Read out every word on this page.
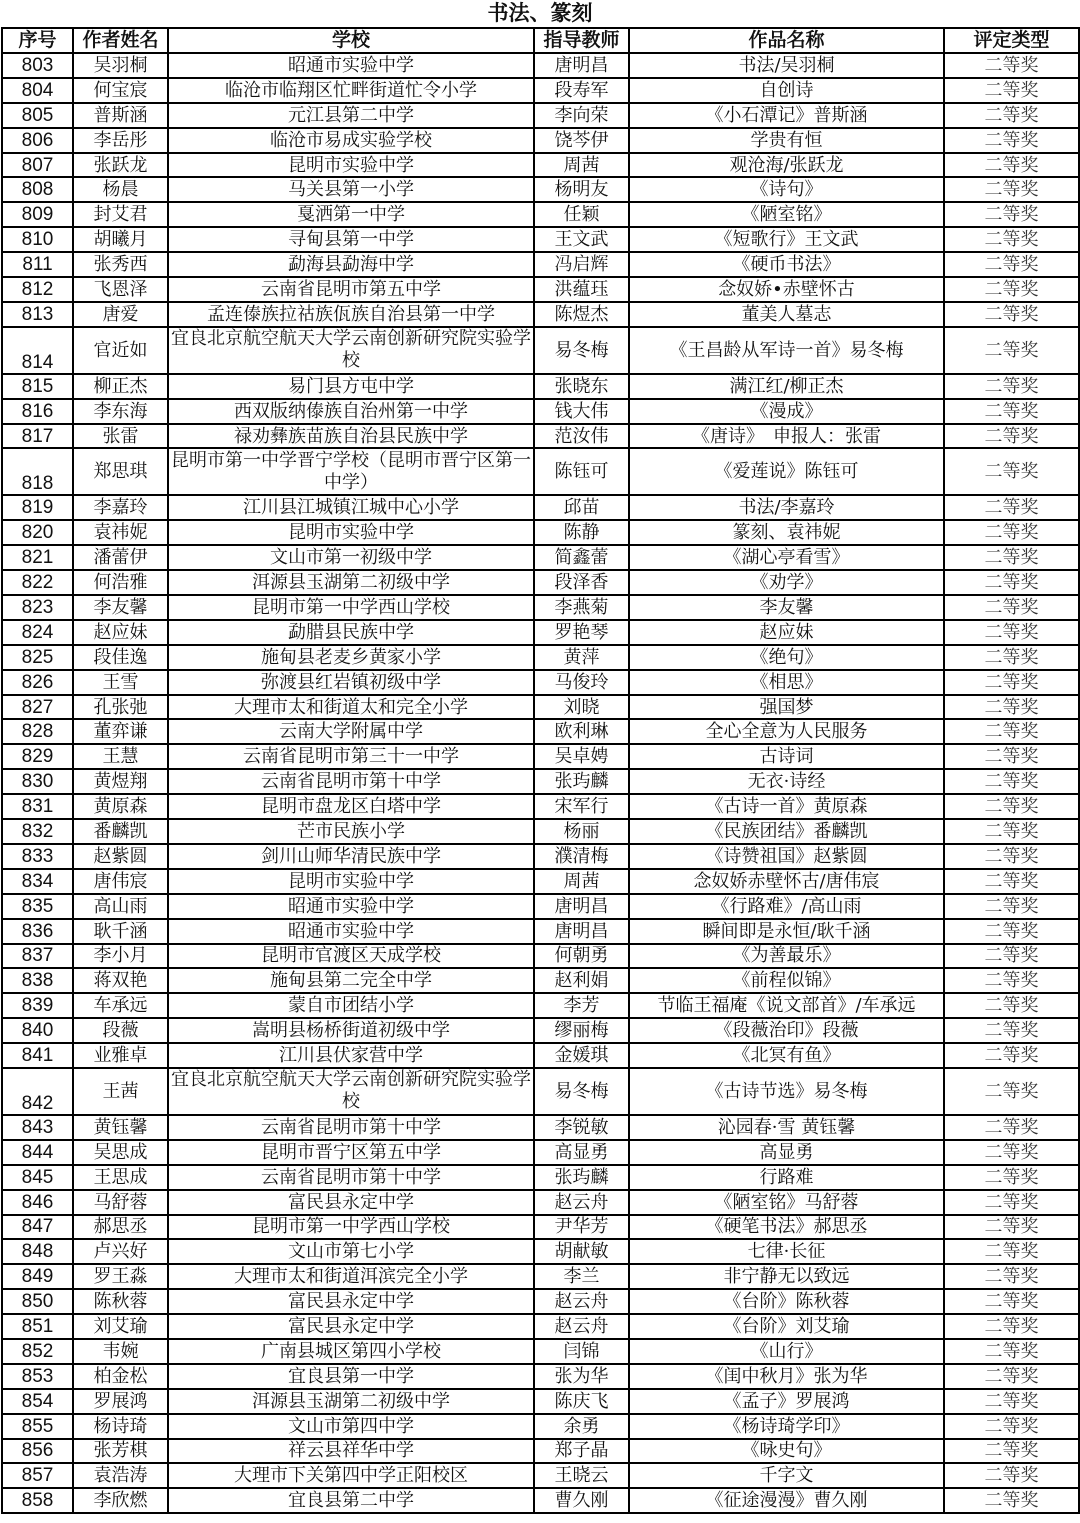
书法、篆刻
序号	作者姓名	学校	指导教师	作品名称	评定类型
803	吴羽桐	昭通市实验中学	唐明昌	书法/吴羽桐	二等奖
804	何宝宸	临沧市临翔区忙畔街道忙令小学	段寿军	自创诗	二等奖
805	普斯涵	元江县第二中学	李向荣	《小石潭记》普斯涵	二等奖
806	李岳彤	临沧市易成实验学校	饶芩伊	学贵有恒	二等奖
807	张跃龙	昆明市实验中学	周茜	观沧海/张跃龙	二等奖
808	杨晨	马关县第一小学	杨明友	《诗句》	二等奖
809	封艾君	戛洒第一中学	任颖	《陋室铭》	二等奖
810	胡曦月	寻甸县第一中学	王文武	《短歌行》王文武	二等奖
811	张秀西	勐海县勐海中学	冯启辉	《硬币书法》	二等奖
812	飞恩泽	云南省昆明市第五中学	洪蕴珏	念奴娇•赤壁怀古	二等奖
813	唐爱	孟连傣族拉祜族佤族自治县第一中学	陈煜杰	董美人墓志	二等奖
814	官近如	宜良北京航空航天大学云南创新研究院实验学校	易冬梅	《王昌龄从军诗一首》易冬梅	二等奖
815	柳正杰	易门县方屯中学	张晓东	满江红/柳正杰	二等奖
816	李东海	西双版纳傣族自治州第一中学	钱大伟	《漫成》	二等奖
817	张雷	禄劝彝族苗族自治县民族中学	范汝伟	《唐诗》　申报人：张雷	二等奖
818	郑思琪	昆明市第一中学晋宁学校（昆明市晋宁区第一中学）	陈钰可	《爱莲说》陈钰可	二等奖
819	李嘉玲	江川县江城镇江城中心小学	邱苗	书法/李嘉玲	二等奖
820	袁祎妮	昆明市实验中学	陈静	篆刻、袁祎妮	二等奖
821	潘蕾伊	文山市第一初级中学	简鑫蕾	《湖心亭看雪》	二等奖
822	何浩雅	洱源县玉湖第二初级中学	段泽香	《劝学》	二等奖
823	李友馨	昆明市第一中学西山学校	李燕菊	李友馨	二等奖
824	赵应妹	勐腊县民族中学	罗艳琴	赵应妹	二等奖
825	段佳逸	施甸县老麦乡黄家小学	黄萍	《绝句》	二等奖
826	王雪	弥渡县红岩镇初级中学	马俊玲	《相思》	二等奖
827	孔张弛	大理市太和街道太和完全小学	刘晓	强国梦	二等奖
828	董弈谦	云南大学附属中学	欧利琳	全心全意为人民服务	二等奖
829	王慧	云南省昆明市第三十一中学	吴卓娉	古诗词	二等奖
830	黄煜翔	云南省昆明市第十中学	张玙麟	无衣·诗经	二等奖
831	黄原森	昆明市盘龙区白塔中学	宋军行	《古诗一首》黄原森	二等奖
832	番麟凯	芒市民族小学	杨丽	《民族团结》番麟凯	二等奖
833	赵紫圆	剑川山师华清民族中学	濮清梅	《诗赞祖国》赵紫圆	二等奖
834	唐伟宸	昆明市实验中学	周茜	念奴娇赤壁怀古/唐伟宸	二等奖
835	高山雨	昭通市实验中学	唐明昌	《行路难》/高山雨	二等奖
836	耿千涵	昭通市实验中学	唐明昌	瞬间即是永恒/耿千涵	二等奖
837	李小月	昆明市官渡区天成学校	何朝勇	《为善最乐》	二等奖
838	蒋双艳	施甸县第二完全中学	赵利娟	《前程似锦》	二等奖
839	车承远	蒙自市团结小学	李芳	节临王福庵《说文部首》/车承远	二等奖
840	段薇	嵩明县杨桥街道初级中学	缪丽梅	《段薇治印》段薇	二等奖
841	业雅卓	江川县伏家营中学	金媛琪	《北冥有鱼》	二等奖
842	王茜	宜良北京航空航天大学云南创新研究院实验学校	易冬梅	《古诗节选》易冬梅	二等奖
843	黄钰馨	云南省昆明市第十中学	李锐敏	沁园春·雪 黄钰馨	二等奖
844	吴思成	昆明市晋宁区第五中学	高显勇	高显勇	二等奖
845	王思成	云南省昆明市第十中学	张玙麟	行路难	二等奖
846	马舒蓉	富民县永定中学	赵云舟	《陋室铭》马舒蓉	二等奖
847	郝思丞	昆明市第一中学西山学校	尹华芳	《硬笔书法》郝思丞	二等奖
848	卢兴好	文山市第七小学	胡献敏	七律·长征	二等奖
849	罗王淼	大理市太和街道洱滨完全小学	李兰	非宁静无以致远	二等奖
850	陈秋蓉	富民县永定中学	赵云舟	《台阶》陈秋蓉	二等奖
851	刘艾瑜	富民县永定中学	赵云舟	《台阶》刘艾瑜	二等奖
852	韦婉	广南县城区第四小学校	闫锦	《山行》	二等奖
853	柏金松	宜良县第一中学	张为华	《闺中秋月》张为华	二等奖
854	罗展鸿	洱源县玉湖第二初级中学	陈庆飞	《孟子》罗展鸿	二等奖
855	杨诗琦	文山市第四中学	余勇	《杨诗琦学印》	二等奖
856	张芳棋	祥云县祥华中学	郑子晶	《咏史句》	二等奖
857	袁浩涛	大理市下关第四中学正阳校区	王晓云	千字文	二等奖
858	李欣燃	宜良县第二中学	曹久刚	《征途漫漫》曹久刚	二等奖
